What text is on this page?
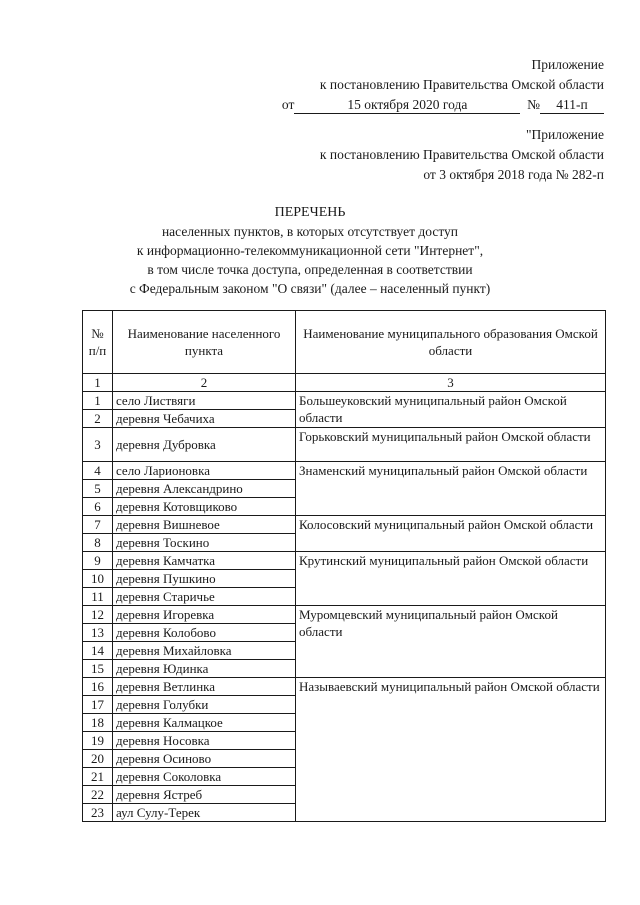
Приложение
к постановлению Правительства Омской области
от	15 октября 2020 года	№ 411-п
"Приложение
к постановлению Правительства Омской области
от 3 октября 2018 года № 282-п
ПЕРЕЧЕНЬ
населенных пунктов, в которых отсутствует доступ
к информационно-телекоммуникационной сети "Интернет",
в том числе точка доступа, определенная в соответствии
с Федеральным законом "О связи" (далее – населенный пункт)
№ п/п	Наименование населенного пункта	Наименование муниципального образования Омской области
1	2	3
1	село Листвяги	Большеуковский муниципальный район Омской области
2	деревня Чебачиха	
3	деревня Дубровка	Горьковский муниципальный район Омской области
4	село Ларионовка	Знаменский муниципальный район Омской области
5	деревня Александрино	
6	деревня Котовщиково	
7	деревня Вишневое	Колосовский муниципальный район Омской области
8	деревня Тоскино	
9	деревня Камчатка	Крутинский муниципальный район Омской области
10	деревня Пушкино	
11	деревня Старичье	
12	деревня Игоревка	Муромцевский муниципальный район Омской области
13	деревня Колобово	
14	деревня Михайловка	
15	деревня Юдинка	
16	деревня Ветлинка	Называевский муниципальный район Омской области
17	деревня Голубки	
18	деревня Калмацкое	
19	деревня Носовка	
20	деревня Осиново	
21	деревня Соколовка	
22	деревня Ястреб	
23	аул Сулу-Терек	
